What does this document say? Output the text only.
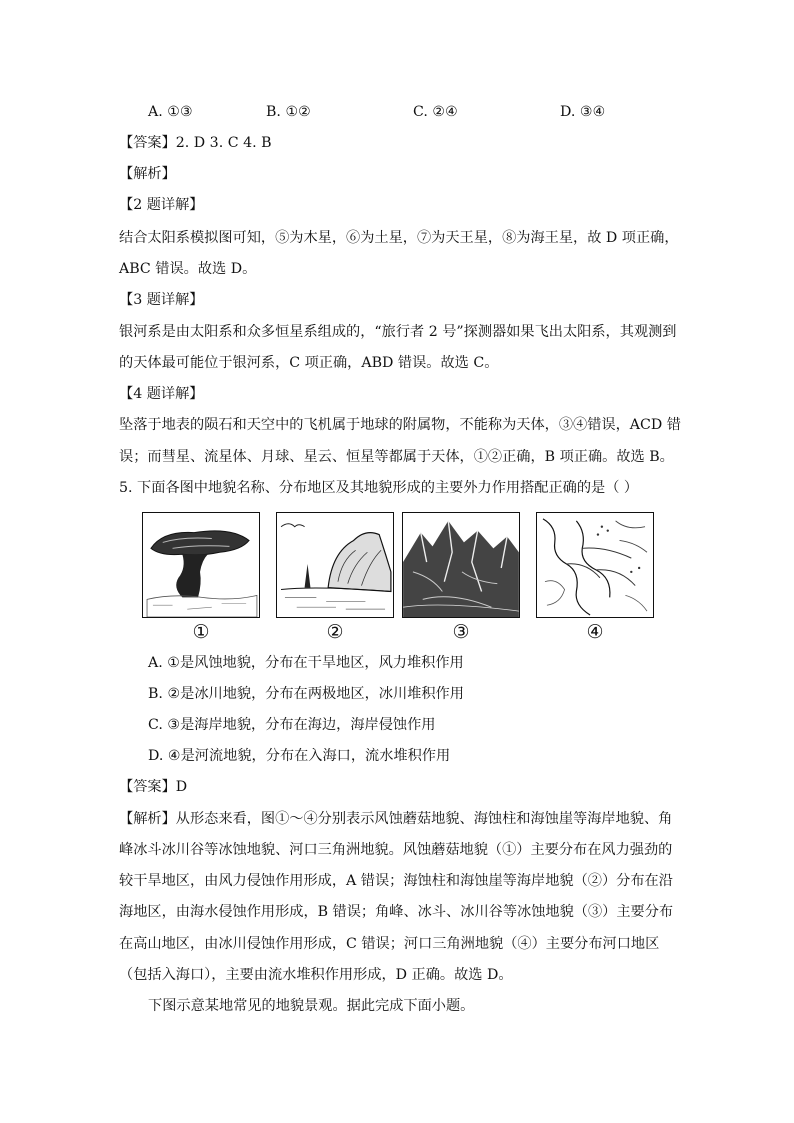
A. ①③	B. ①②	C. ②④	D. ③④
【答案】2. D 3. C 4. B
【解析】
【2 题详解】
结合太阳系模拟图可知，⑤为木星，⑥为土星，⑦为天王星，⑧为海王星，故 D 项正确，
ABC 错误。故选 D。
【3 题详解】
银河系是由太阳系和众多恒星系组成的，“旅行者 2 号”探测器如果飞出太阳系，其观测到
的天体最可能位于银河系，C 项正确，ABD 错误。故选 C。
【4 题详解】
坠落于地表的陨石和天空中的飞机属于地球的附属物，不能称为天体，③④错误，ACD 错
误；而彗星、流星体、月球、星云、恒星等都属于天体，①②正确，B 项正确。故选 B。
5. 下面各图中地貌名称、分布地区及其地貌形成的主要外力作用搭配正确的是（ ）
①	②	③	④
A. ①是风蚀地貌，分布在干旱地区，风力堆积作用
B. ②是冰川地貌，分布在两极地区，冰川堆积作用
C. ③是海岸地貌，分布在海边，海岸侵蚀作用
D. ④是河流地貌，分布在入海口，流水堆积作用
【答案】D
【解析】从形态来看，图①～④分别表示风蚀蘑菇地貌、海蚀柱和海蚀崖等海岸地貌、角
峰冰斗冰川谷等冰蚀地貌、河口三角洲地貌。风蚀蘑菇地貌（①）主要分布在风力强劲的
较干旱地区，由风力侵蚀作用形成，A 错误；海蚀柱和海蚀崖等海岸地貌（②）分布在沿
海地区，由海水侵蚀作用形成，B 错误；角峰、冰斗、冰川谷等冰蚀地貌（③）主要分布
在高山地区，由冰川侵蚀作用形成，C 错误；河口三角洲地貌（④）主要分布河口地区
（包括入海口），主要由流水堆积作用形成，D 正确。故选 D。
下图示意某地常见的地貌景观。据此完成下面小题。
